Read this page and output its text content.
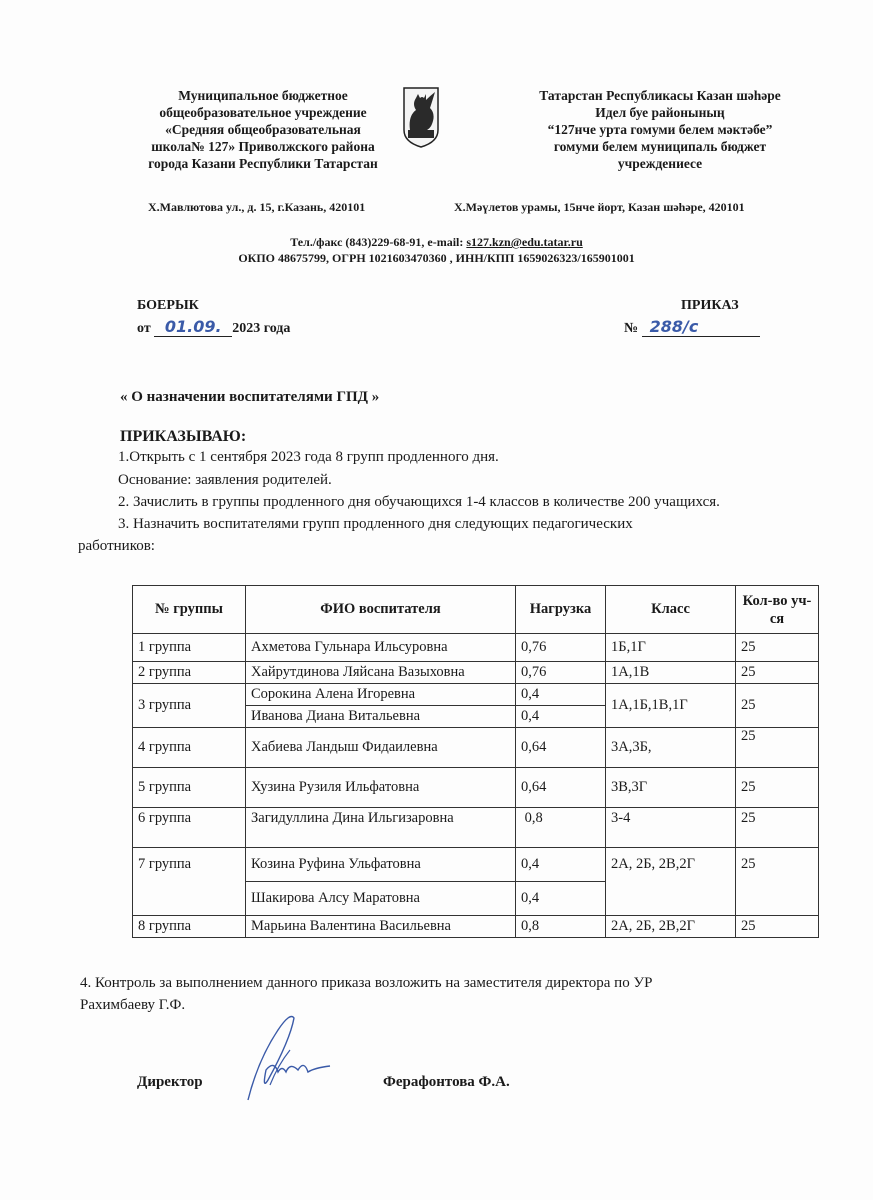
Муниципальное бюджетное
общеобразовательное учреждение
«Средняя общеобразовательная
школа№ 127» Приволжского района
города Казани Республики Татарстан
Татарстан Республикасы Казан шәһәре
Идел буе районының
“127нче урта гомуми белем мәктәбе”
гомуми белем муниципаль бюджет
учреждениесе
Х.Мавлютова ул., д. 15, г.Казань, 420101	Х.Мәүлетов урамы, 15нче йорт, Казан шәһәре, 420101
Тел./факс (843)229-68-91, e-mail: s127.kzn@edu.tatar.ru
ОКПО 48675799, ОГРН 1021603470360 , ИНН/КПП 1659026323/165901001
БОЕРЫК	ПРИКАЗ
от 01.09. 2023 года	№ 288/с
« О назначении воспитателями ГПД »
ПРИКАЗЫВАЮ:
1.Открыть с 1 сентября 2023 года 8 групп продленного дня.
Основание: заявления родителей.
2. Зачислить в группы продленного дня обучающихся 1-4 классов в количестве 200 учащихся.
3. Назначить воспитателями групп продленного дня следующих педагогических
работников:
№ группы	ФИО воспитателя	Нагрузка	Класс	Кол-во уч-ся
1 группа	Ахметова Гульнара Ильсуровна	0,76	1Б,1Г	25
2 группа	Хайрутдинова Ляйсана Вазыховна	0,76	1А,1В	25
3 группа	Сорокина Алена Игоревна	0,4	1А,1Б,1В,1Г	25
	Иванова Диана Витальевна	0,4		
4 группа	Хабиева Ландыш Фидаилевна	0,64	3А,3Б,	25
5 группа	Хузина Рузиля Ильфатовна	0,64	3В,3Г	25
6 группа	Загидуллина Дина Ильгизаровна	0,8	3-4	25
7 группа	Козина Руфина Ульфатовна	0,4	2А, 2Б, 2В,2Г	25
	Шакирова Алсу Маратовна	0,4		
8 группа	Марьина Валентина Васильевна	0,8	2А, 2Б, 2В,2Г	25
4. Контроль за выполнением данного приказа возложить на заместителя директора по УР
Рахимбаеву Г.Ф.
Директор	Ферафонтова Ф.А.
